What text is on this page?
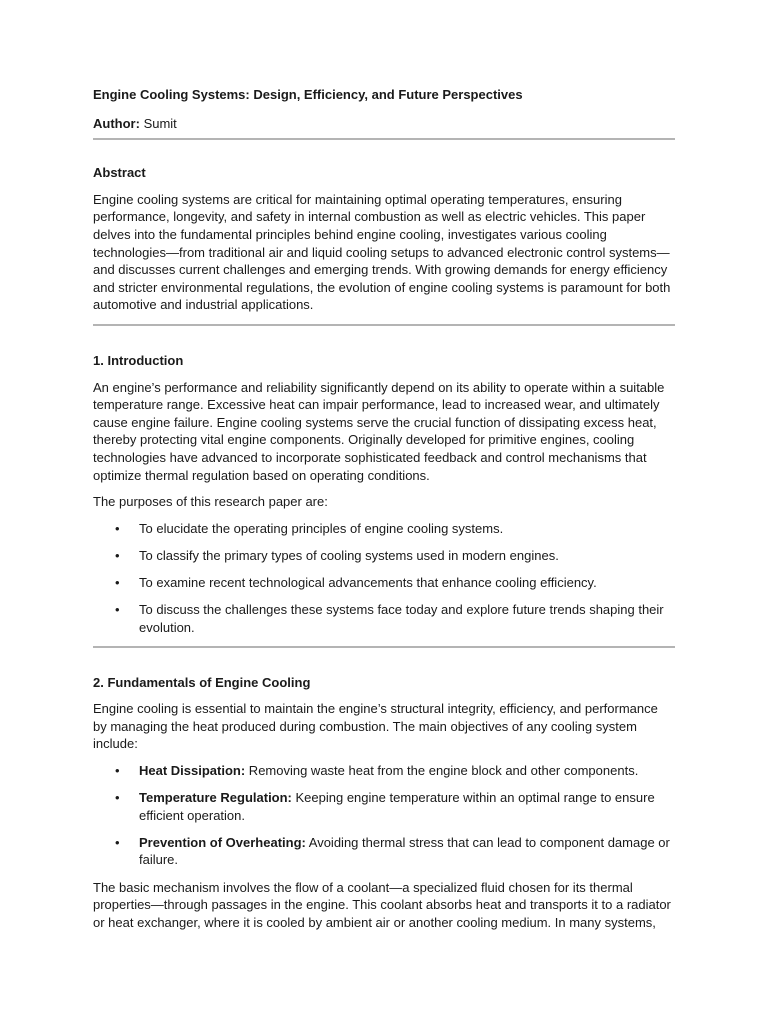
Engine Cooling Systems: Design, Efficiency, and Future Perspectives
Author: Sumit
Abstract

Engine cooling systems are critical for maintaining optimal operating temperatures, ensuring performance, longevity, and safety in internal combustion as well as electric vehicles. This paper delves into the fundamental principles behind engine cooling, investigates various cooling technologies—from traditional air and liquid cooling setups to advanced electronic control systems—and discusses current challenges and emerging trends. With growing demands for energy efficiency and stricter environmental regulations, the evolution of engine cooling systems is paramount for both automotive and industrial applications.

1. Introduction

An engine’s performance and reliability significantly depend on its ability to operate within a suitable temperature range. Excessive heat can impair performance, lead to increased wear, and ultimately cause engine failure. Engine cooling systems serve the crucial function of dissipating excess heat, thereby protecting vital engine components. Originally developed for primitive engines, cooling technologies have advanced to incorporate sophisticated feedback and control mechanisms that optimize thermal regulation based on operating conditions.

The purposes of this research paper are:

• To elucidate the operating principles of engine cooling systems.
• To classify the primary types of cooling systems used in modern engines.
• To examine recent technological advancements that enhance cooling efficiency.
• To discuss the challenges these systems face today and explore future trends shaping their evolution.
2. Fundamentals of Engine Cooling

Engine cooling is essential to maintain the engine’s structural integrity, efficiency, and performance by managing the heat produced during combustion. The main objectives of any cooling system include:

• Heat Dissipation: Removing waste heat from the engine block and other components.
• Temperature Regulation: Keeping engine temperature within an optimal range to ensure efficient operation.
• Prevention of Overheating: Avoiding thermal stress that can lead to component damage or failure.

The basic mechanism involves the flow of a coolant—a specialized fluid chosen for its thermal properties—through passages in the engine. This coolant absorbs heat and transports it to a radiator or heat exchanger, where it is cooled by ambient air or another cooling medium. In many systems,
